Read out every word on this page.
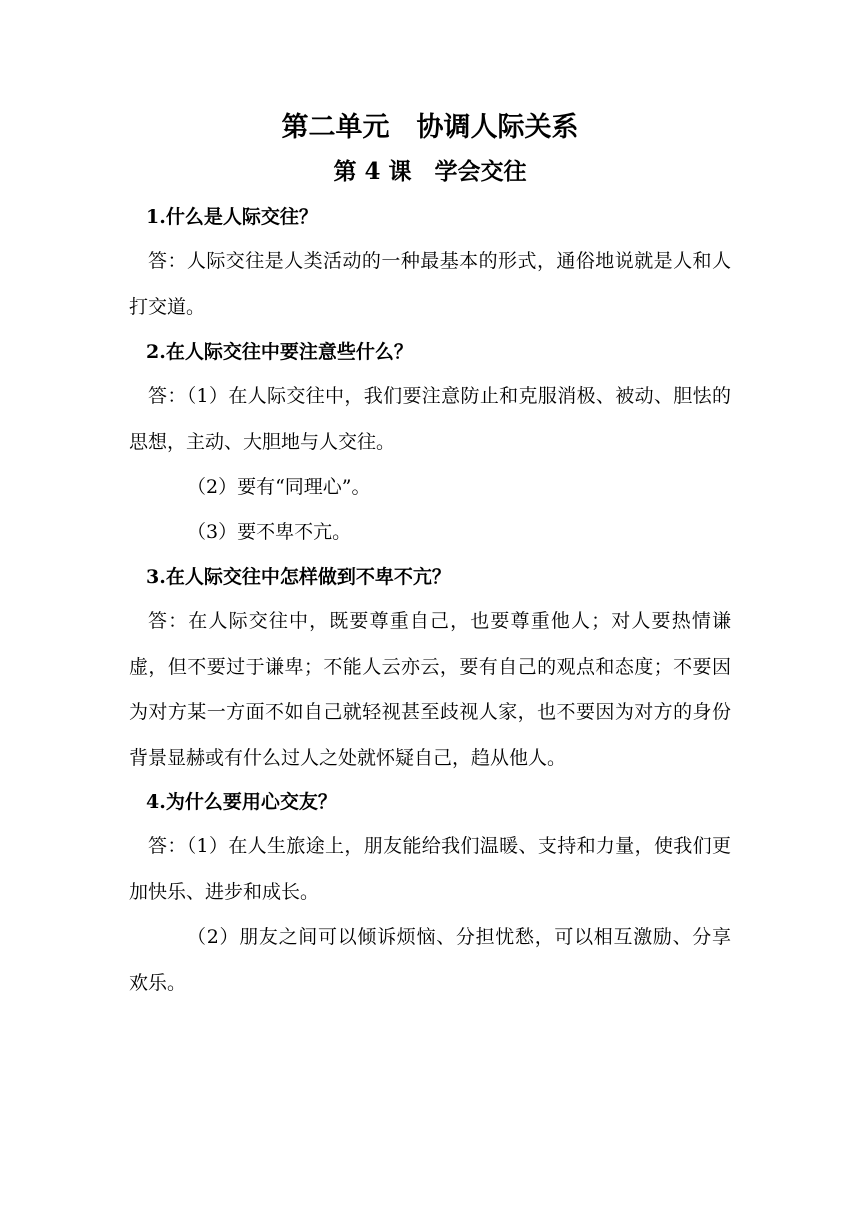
第二单元　协调人际关系
第 4 课　学会交往
1.什么是人际交往？
答：人际交往是人类活动的一种最基本的形式，通俗地说就是人和人打交道。
2.在人际交往中要注意些什么？
答：（1）在人际交往中，我们要注意防止和克服消极、被动、胆怯的思想，主动、大胆地与人交往。
（2）要有“同理心”。
（3）要不卑不亢。
3.在人际交往中怎样做到不卑不亢？
答：在人际交往中，既要尊重自己，也要尊重他人；对人要热情谦虚，但不要过于谦卑；不能人云亦云，要有自己的观点和态度；不要因为对方某一方面不如自己就轻视甚至歧视人家，也不要因为对方的身份背景显赫或有什么过人之处就怀疑自己，趋从他人。
4.为什么要用心交友？
答：（1）在人生旅途上，朋友能给我们温暖、支持和力量，使我们更加快乐、进步和成长。
（2）朋友之间可以倾诉烦恼、分担忧愁，可以相互激励、分享欢乐。
